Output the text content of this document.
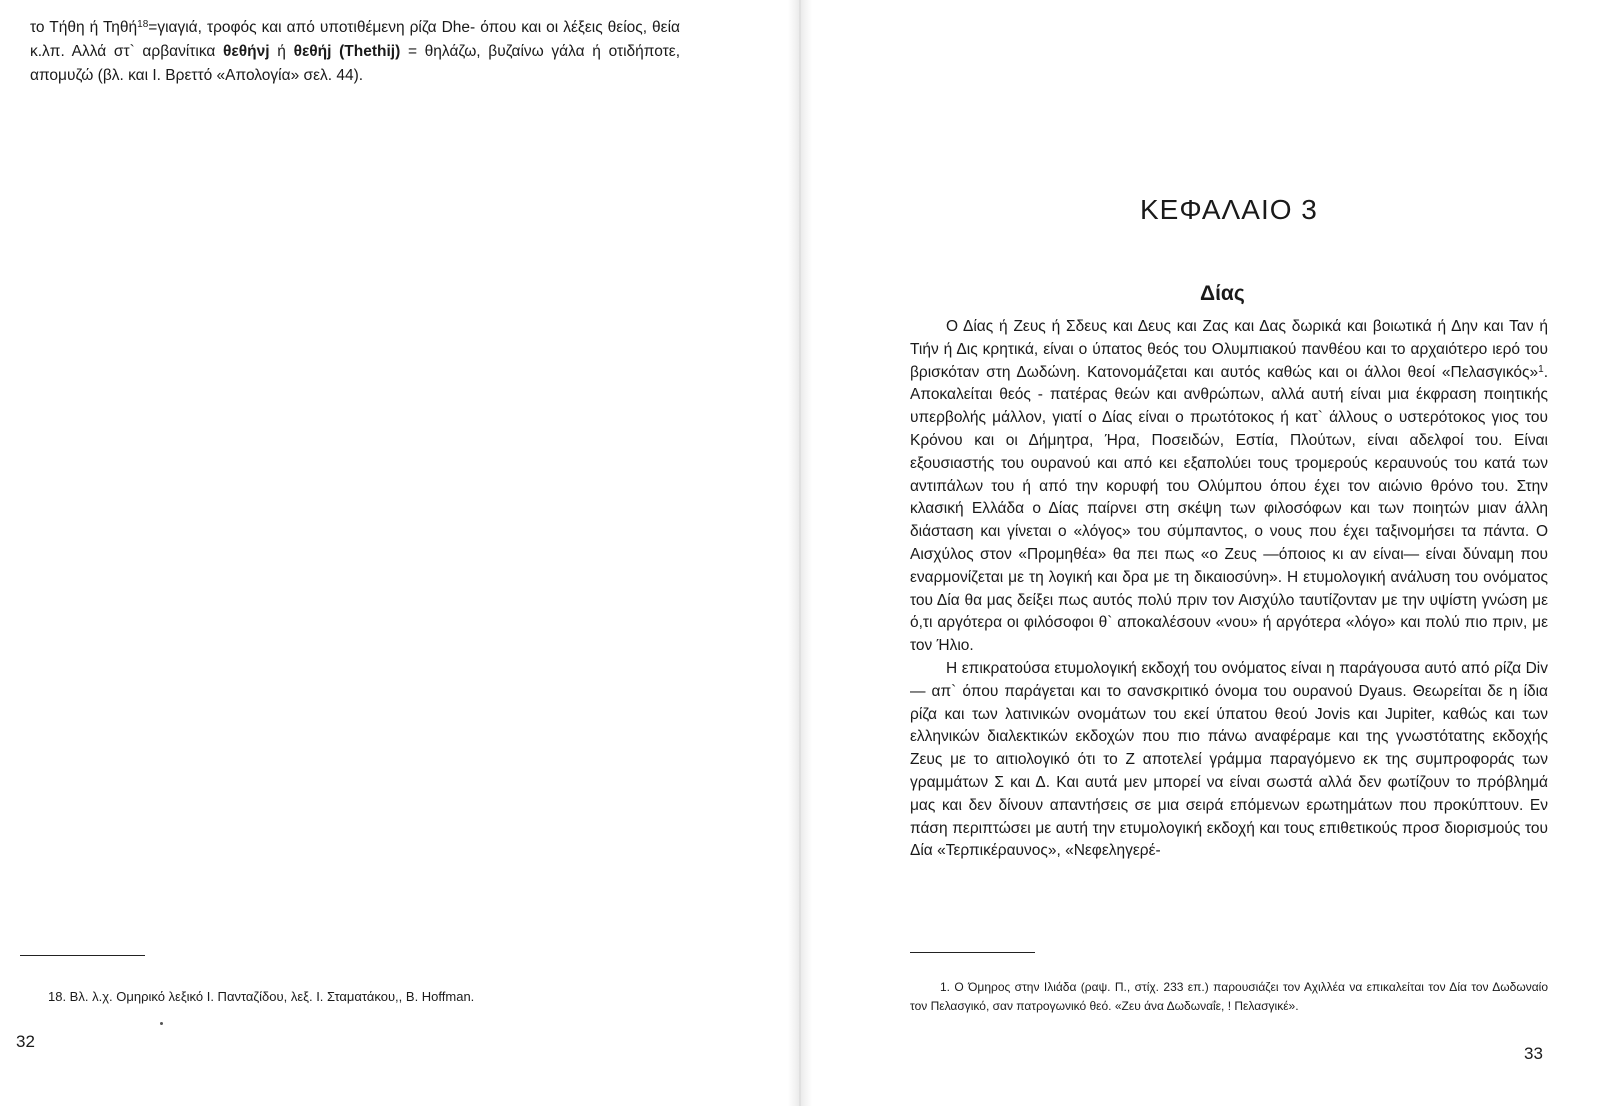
το Τήθη ή Τηθή$^{18}$=γιαγιά, τροφός και από υποτιθέμενη ρίζα Dhe- όπου και οι λέξεις θείος, θεία κ.λπ. Αλλά στ` αρβανίτικα θεθήνj ή θεθήj (Thethij) = θηλάζω, βυζαίνω γάλα ή οτιδήποτε, απομυζώ (βλ. και Ι. Βρεττό «Απολογία» σελ. 44).

18. Βλ. λ.χ. Ομηρικό λεξικό Ι. Πανταζίδου, λεξ. Ι. Σταματάκου,, Β. Hoffman.

32
ΚΕΦΑΛΑΙΟ 3
Δίας

Ο Δίας ή Ζευς ή Σδευς και Δευς και Ζας και Δας δωρικά και βοιωτικά ή Δην και Ταν ή Τιήν ή Δις κρητικά, είναι ο ύπατος θεός του Ολυμπιακού πανθέου και το αρχαιότερο ιερό του βρισκόταν στη Δωδώνη. Κατονομάζεται και αυτός καθώς και οι άλλοι θεοί «Πελασγικός»$^1$. Αποκαλείται θεός - πατέρας θεών και ανθρώπων, αλλά αυτή είναι μια έκφραση ποιητικής υπερβολής μάλλον, γιατί ο Δίας είναι ο πρωτότοκος ή κατ` άλλους ο υστερότοκος γιος του Κρόνου και οι Δήμητρα, Ήρα, Ποσειδών, Εστία, Πλούτων, είναι αδελφοί του. Είναι εξουσιαστής του ουρανού και από κει εξαπολύει τους τρομερούς κεραυνούς του κατά των αντιπάλων του ή από την κορυφή του Ολύμπου όπου έχει τον αιώνιο θρόνο του. Στην κλασική Ελλάδα ο Δίας παίρνει στη σκέψη των φιλοσόφων και των ποιητών μιαν άλλη διάσταση και γίνεται ο «λόγος» του σύμπαντος, ο νους που έχει ταξινομήσει τα πάντα. Ο Αισχύλος στον «Προμηθέα» θα πει πως «ο Ζευς —όποιος κι αν είναι— είναι δύναμη που εναρμονίζεται με τη λογική και δρα με τη δικαιοσύνη». Η ετυμολογική ανάλυση του ονόματος του Δία θα μας δείξει πως αυτός πολύ πριν τον Αισχύλο ταυτίζονταν με την υψίστη γνώση με ό,τι αργότερα οι φιλόσοφοι θ` αποκαλέσουν «νου» ή αργότερα «λόγο» και πολύ πιο πριν, με τον Ήλιο.

Η επικρατούσα ετυμολογική εκδοχή του ονόματος είναι η παράγουσα αυτό από ρίζα Div — απ` όπου παράγεται και το σανσκριτικό όνομα του ουρανού Dyaus. Θεωρείται δε η ίδια ρίζα και των λατινικών ονομάτων του εκεί ύπατου θεού Jovis και Jupiter, καθώς και των ελληνικών διαλεκτικών εκδοχών που πιο πάνω αναφέραμε και της γνωστότατης εκδοχής Ζευς με το αιτιολογικό ότι το Ζ αποτελεί γράμμα παραγόμενο εκ της συμπροφοράς των γραμμάτων Σ και Δ. Και αυτά μεν μπορεί να είναι σωστά αλλά δεν φωτίζουν το πρόβλημά μας και δεν δίνουν απαντήσεις σε μια σειρά επόμενων ερωτημάτων που προκύπτουν. Εν πάση περιπτώσει με αυτή την ετυμολογική εκδοχή και τους επιθετικούς προσ διορισμούς του Δία «Τερπικέραυνος», «Νεφεληγερέ-

1. Ο Όμηρος στην Ιλιάδα (ραψ. Π., στίχ. 233 επ.) παρουσιάζει τον Αχιλλέα να επικαλείται τον Δία τον Δωδωναίο τον Πελασγικό, σαν πατρογωνικό θεό. «Ζευ άνα Δωδωναΐε, ! Πελασγικέ».

33
